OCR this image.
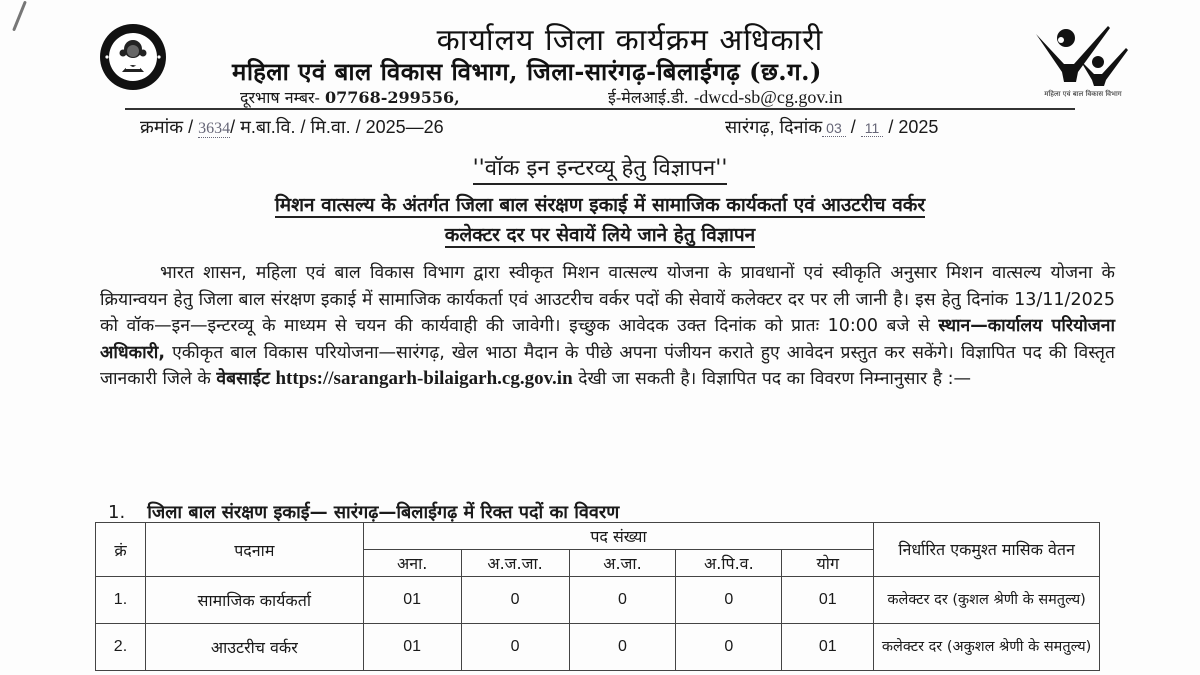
कार्यालय जिला कार्यक्रम अधिकारी
महिला एवं बाल विकास विभाग, जिला-सारंगढ़-बिलाईगढ़ (छ.ग.)
दूरभाष नम्बर- 07768-299556,	ई-मेलआई.डी. -dwcd-sb@cg.gov.in	महिला एवं बाल विकास विभाग
क्रमांक / 3634/ म.बा.वि. / मि.वा. / 2025—26	सारंगढ़, दिनांक 03 / 11 / 2025
''वॉक इन इन्टरव्यू हेतु विज्ञापन''
मिशन वात्सल्य के अंतर्गत जिला बाल संरक्षण इकाई में सामाजिक कार्यकर्ता एवं आउटरीच वर्कर
कलेक्टर दर पर सेवायें लिये जाने हेतु विज्ञापन
भारत शासन, महिला एवं बाल विकास विभाग द्वारा स्वीकृत मिशन वात्सल्य योजना के प्रावधानों एवं स्वीकृति अनुसार मिशन वात्सल्य योजना के क्रियान्वयन हेतु जिला बाल संरक्षण इकाई में सामाजिक कार्यकर्ता एवं आउटरीच वर्कर पदों की सेवायें कलेक्टर दर पर ली जानी है। इस हेतु दिनांक 13/11/2025 को वॉक—इन—इन्टरव्यू के माध्यम से चयन की कार्यवाही की जावेगी। इच्छुक आवेदक उक्त दिनांक को प्रातः 10:00 बजे से स्थान—कार्यालय परियोजना अधिकारी, एकीकृत बाल विकास परियोजना—सारंगढ़, खेल भाठा मैदान के पीछे अपना पंजीयन कराते हुए आवेदन प्रस्तुत कर सकेंगे। विज्ञापित पद की विस्तृत जानकारी जिले के वेबसाईट https://sarangarh-bilaigarh.cg.gov.in देखी जा सकती है। विज्ञापित पद का विवरण निम्नानुसार है :—
1. जिला बाल संरक्षण इकाई— सारंगढ़—बिलाईगढ़ में रिक्त पदों का विवरण
क्रं	पदनाम	पद संख्या					निर्धारित एकमुश्त मासिक वेतन
		अना.	अ.ज.जा.	अ.जा.	अ.पि.व.	योग	
1.	सामाजिक कार्यकर्ता	01	0	0	0	01	कलेक्टर दर (कुशल श्रेणी के समतुल्य)
2.	आउटरीच वर्कर	01	0	0	0	01	कलेक्टर दर (अकुशल श्रेणी के समतुल्य)
